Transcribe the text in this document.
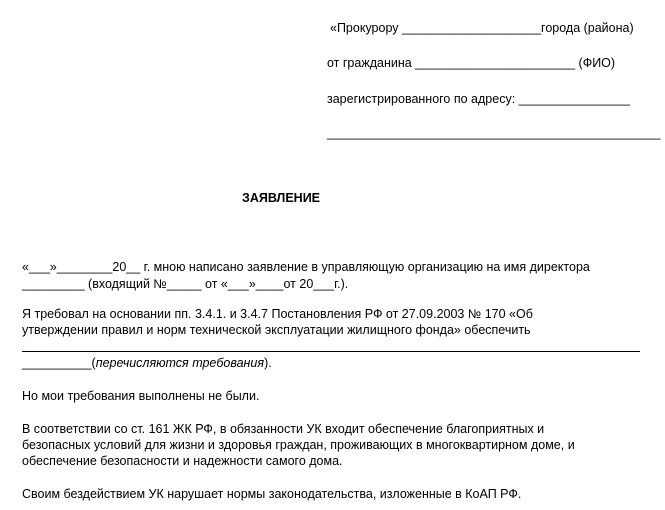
«Прокурору ____________________города (района)
от гражданина _______________________ (ФИО)
зарегистрированного по адресу: ________________
___________________________________________________
ЗАЯВЛЕНИЕ
«___»________20__ г. мною написано заявление в управляющую организацию на имя директора
_________ (входящий №_____ от «___»____от 20___г.).
Я требовал на основании пп. 3.4.1. и 3.4.7 Постановления РФ от 27.09.2003 № 170 «Об
утверждении правил и норм технической эксплуатации жилищного фонда» обеспечить
__________(перечисляются требования).
Но мои требования выполнены не были.
В соответствии со ст. 161 ЖК РФ, в обязанности УК входит обеспечение благоприятных и
безопасных условий для жизни и здоровья граждан, проживающих в многоквартирном доме, и
обеспечение безопасности и надежности самого дома.
Своим бездействием УК нарушает нормы законодательства, изложенные в КоАП РФ.
